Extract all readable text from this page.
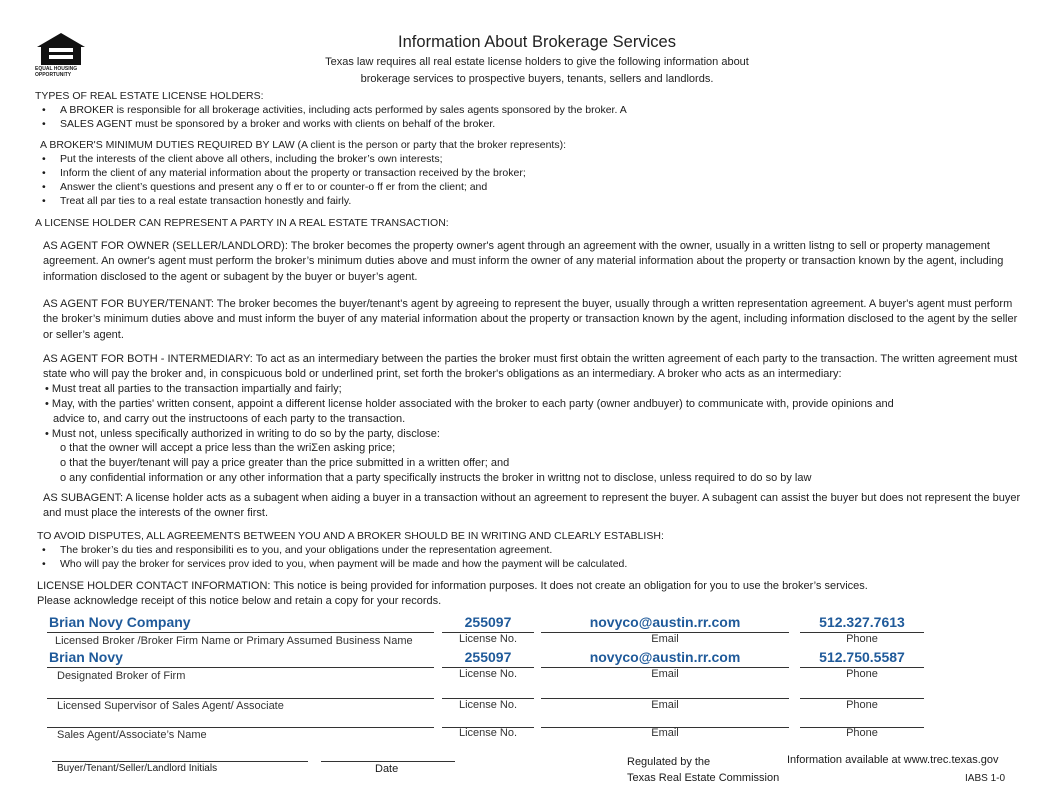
EQUAL HOUSING
OPPORTUNITY
Information About Brokerage Services
Texas law requires all real estate license holders to give the following information about
brokerage services to prospective buyers, tenants, sellers and landlords.
TYPES OF REAL ESTATE LICENSE HOLDERS:
• A BROKER is responsible for all brokerage activities, including acts performed by sales agents sponsored by the broker. A
• SALES AGENT must be sponsored by a broker and works with clients on behalf of the broker.
A BROKER'S MINIMUM DUTIES REQUIRED BY LAW (A client is the person or party that the broker represents):
• Put the interests of the client above all others, including the broker’s own interests;
• Inform the client of any material information about the property or transaction received by the broker;
• Answer the client’s questions and present any o ff er to or counter-o ff er from the client; and
• Treat all par ties to a real estate transaction honestly and fairly.
A LICENSE HOLDER CAN REPRESENT A PARTY IN A REAL ESTATE TRANSACTION:
AS AGENT FOR OWNER (SELLER/LANDLORD): The broker becomes the property owner's agent through an agreement with the owner, usually in a written listng to sell or property management agreement. An owner's agent must perform the broker’s minimum duties above and must inform the owner of any material information about the property or transaction known by the agent, including information disclosed to the agent or subagent by the buyer or buyer’s agent.
AS AGENT FOR BUYER/TENANT: The broker becomes the buyer/tenant's agent by agreeing to represent the buyer, usually through a written representation agreement. A buyer's agent must perform the broker’s minimum duties above and must inform the buyer of any material information about the property or transaction known by the agent, including information disclosed to the agent by the seller or seller’s agent.
AS AGENT FOR BOTH - INTERMEDIARY: To act as an intermediary between the parties the broker must first obtain the written agreement of each party to the transaction. The written agreement must state who will pay the broker and, in conspicuous bold or underlined print, set forth the broker's obligations as an intermediary. A broker who acts as an intermediary:
• Must treat all parties to the transaction impartially and fairly;
• May, with the parties' written consent, appoint a different license holder associated with the broker to each party (owner andbuyer) to communicate with, provide opinions and
advice to, and carry out the instructoons of each party to the transaction.
• Must not, unless specifically authorized in writing to do so by the party, disclose:
o that the owner will accept a price less than the wriΣen asking price;
o that the buyer/tenant will pay a price greater than the price submitted in a written offer; and
o any confidential information or any other information that a party specifically instructs the broker in writtng not to disclose, unless required to do so by law
AS SUBAGENT: A license holder acts as a subagent when aiding a buyer in a transaction without an agreement to represent the buyer. A subagent can assist the buyer but does not represent the buyer and must place the interests of the owner first.
TO AVOID DISPUTES, ALL AGREEMENTS BETWEEN YOU AND A BROKER SHOULD BE IN WRITING AND CLEARLY ESTABLISH:
• The broker’s du ties and responsibiliti es to you, and your obligations under the representation agreement.
• Who will pay the broker for services prov ided to you, when payment will be made and how the payment will be calculated.
LICENSE HOLDER CONTACT INFORMATION: This notice is being provided for information purposes. It does not create an obligation for you to use the broker’s services.
Please acknowledge receipt of this notice below and retain a copy for your records.
Brian Novy Company	255097	novyco@austin.rr.com	512.327.7613
Licensed Broker /Broker Firm Name or Primary Assumed Business Name	License No.	Email	Phone
Brian Novy	255097	novyco@austin.rr.com	512.750.5587
Designated Broker of Firm	License No.	Email	Phone
Licensed Supervisor of Sales Agent/ Associate	License No.	Email	Phone
Sales Agent/Associate’s Name	License No.	Email	Phone
Buyer/Tenant/Seller/Landlord Initials	Date
Regulated by the
Texas Real Estate Commission
Information available at www.trec.texas.gov
IABS 1-0
